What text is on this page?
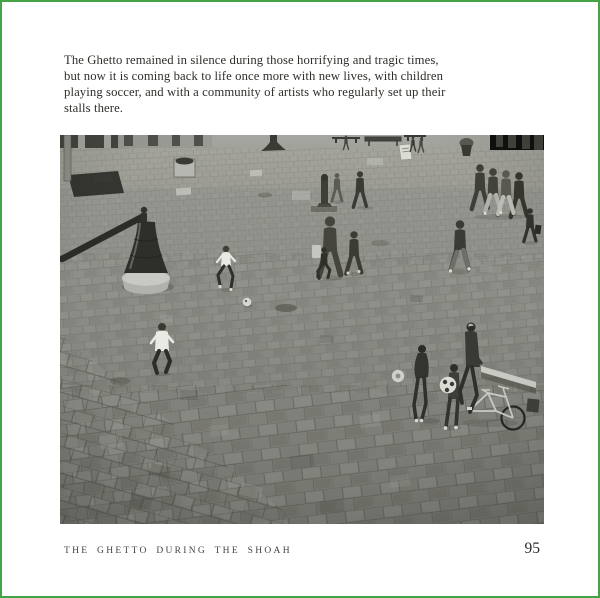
The Ghetto remained in silence during those horrifying and tragic times,
but now it is coming back to life once more with new lives, with children
playing soccer, and with a community of artists who regularly set up their
stalls there.
THE GHETTO DURING THE SHOAH	95
